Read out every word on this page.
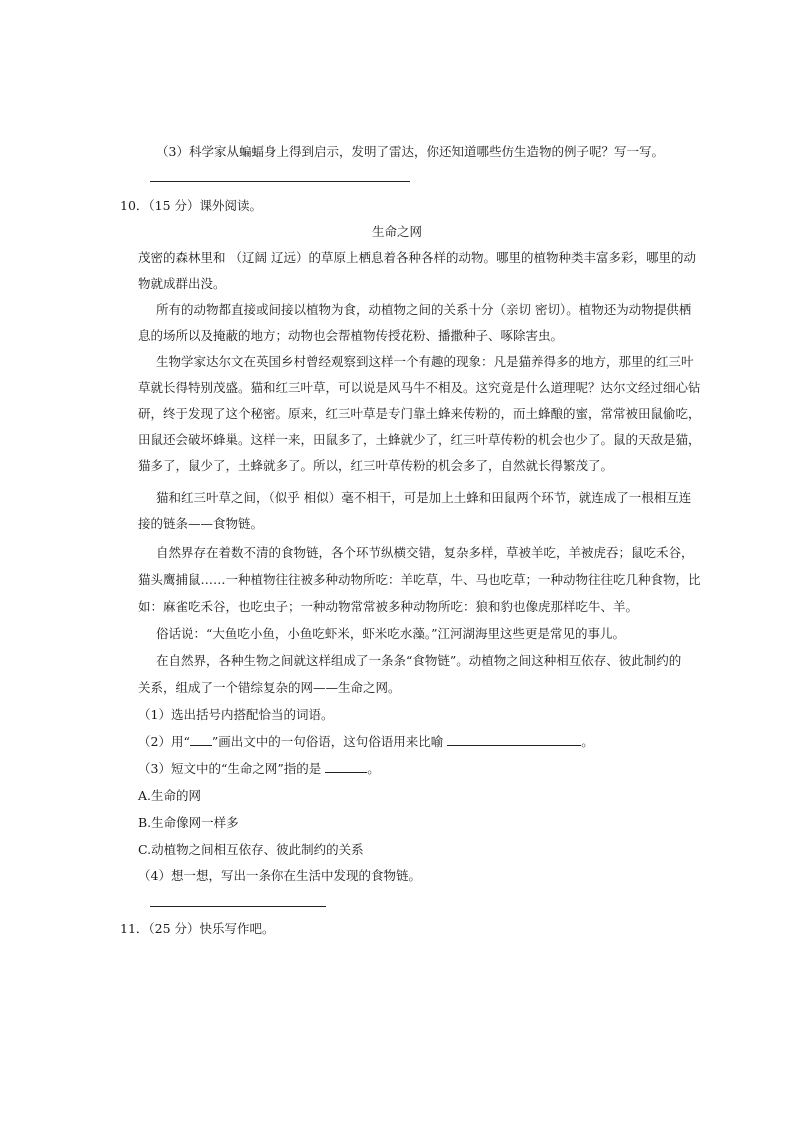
（3）科学家从蝙蝠身上得到启示，发明了雷达，你还知道哪些仿生造物的例子呢？写一写。
10．（15 分）课外阅读。
生命之网
茂密的森林里和 （辽阔 辽远）的草原上栖息着各种各样的动物。哪里的植物种类丰富多彩，哪里的动
物就成群出没。
所有的动物都直接或间接以植物为食，动植物之间的关系十分（亲切 密切）。植物还为动物提供栖
息的场所以及掩蔽的地方；动物也会帮植物传授花粉、播撒种子、啄除害虫。
生物学家达尔文在英国乡村曾经观察到这样一个有趣的现象：凡是猫养得多的地方，那里的红三叶
草就长得特别茂盛。猫和红三叶草，可以说是风马牛不相及。这究竟是什么道理呢？达尔文经过细心钻
研，终于发现了这个秘密。原来，红三叶草是专门靠土蜂来传粉的，而土蜂酿的蜜，常常被田鼠偷吃，
田鼠还会破坏蜂巢。这样一来，田鼠多了，土蜂就少了，红三叶草传粉的机会也少了。鼠的天敌是猫，
猫多了，鼠少了，土蜂就多了。所以，红三叶草传粉的机会多了，自然就长得繁茂了。
猫和红三叶草之间，（似乎 相似）毫不相干，可是加上土蜂和田鼠两个环节，就连成了一根相互连
接的链条——食物链。
自然界存在着数不清的食物链，各个环节纵横交错，复杂多样，草被羊吃，羊被虎吞；鼠吃禾谷，
猫头鹰捕鼠……一种植物往往被多种动物所吃：羊吃草，牛、马也吃草；一种动物往往吃几种食物，比
如：麻雀吃禾谷，也吃虫子；一种动物常常被多种动物所吃：狼和豹也像虎那样吃牛、羊。
俗话说：“大鱼吃小鱼，小鱼吃虾米，虾米吃水藻。”江河湖海里这些更是常见的事儿。
在自然界，各种生物之间就这样组成了一条条“食物链”。动植物之间这种相互依存、彼此制约的
关系，组成了一个错综复杂的网——生命之网。
（1）选出括号内搭配恰当的词语。
（2）用“ ”画出文中的一句俗语，这句俗语用来比喻	。
（3）短文中的“生命之网”指的是	。
A.生命的网
B.生命像网一样多
C.动植物之间相互依存、彼此制约的关系
（4）想一想，写出一条你在生活中发现的食物链。
11．（25 分）快乐写作吧。
